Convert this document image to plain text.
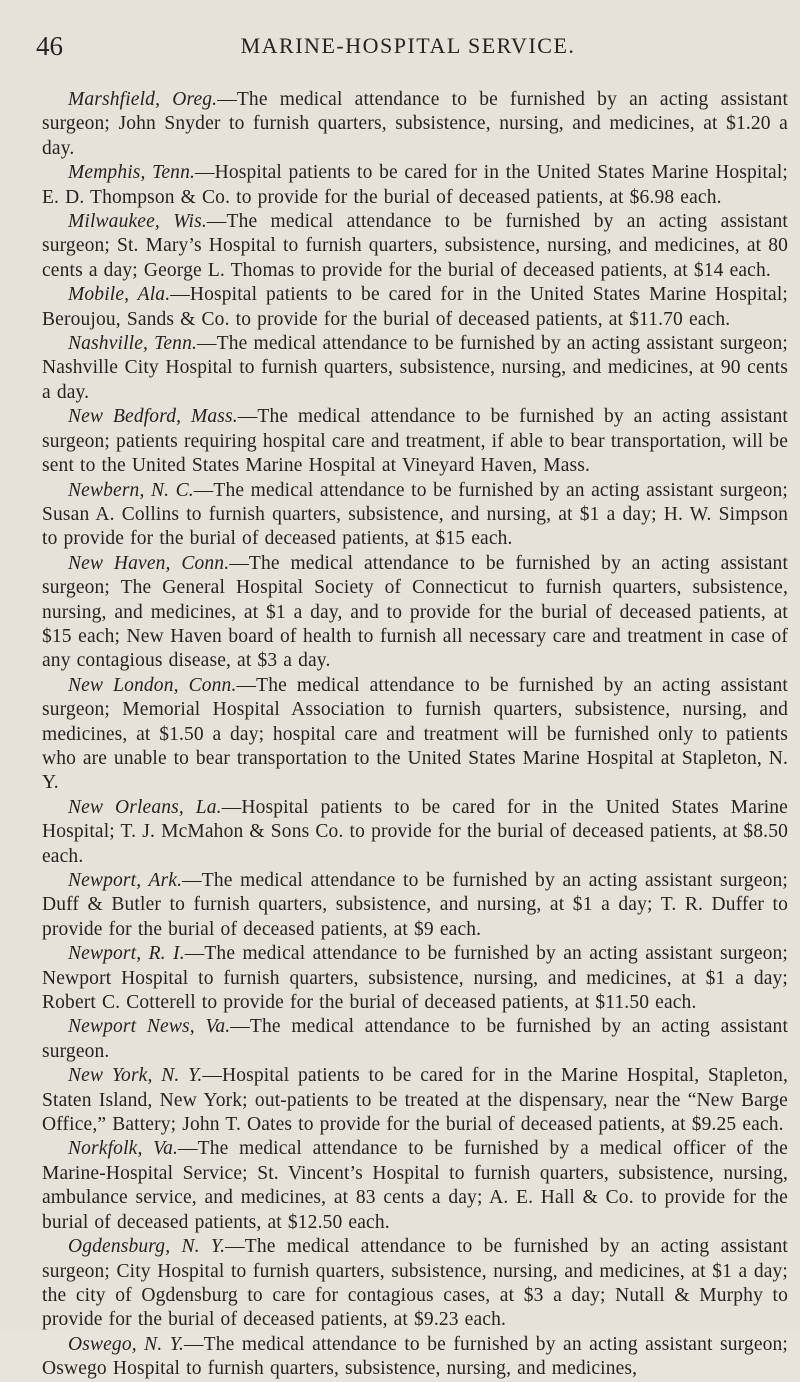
46	MARINE-HOSPITAL SERVICE.

Marshfield, Oreg.—The medical attendance to be furnished by an acting assistant surgeon; John Snyder to furnish quarters, subsistence, nursing, and medicines, at $1.20 a day.

Memphis, Tenn.—Hospital patients to be cared for in the United States Marine Hospital; E. D. Thompson & Co. to provide for the burial of deceased patients, at $6.98 each.

Milwaukee, Wis.—The medical attendance to be furnished by an acting assistant surgeon; St. Mary’s Hospital to furnish quarters, subsistence, nursing, and medicines, at 80 cents a day; George L. Thomas to provide for the burial of deceased patients, at $14 each.

Mobile, Ala.—Hospital patients to be cared for in the United States Marine Hospital; Beroujou, Sands & Co. to provide for the burial of deceased patients, at $11.70 each.

Nashville, Tenn.—The medical attendance to be furnished by an acting assistant surgeon; Nashville City Hospital to furnish quarters, subsistence, nursing, and medicines, at 90 cents a day.

New Bedford, Mass.—The medical attendance to be furnished by an acting assistant surgeon; patients requiring hospital care and treatment, if able to bear transportation, will be sent to the United States Marine Hospital at Vineyard Haven, Mass.

Newbern, N. C.—The medical attendance to be furnished by an acting assistant surgeon; Susan A. Collins to furnish quarters, subsistence, and nursing, at $1 a day; H. W. Simpson to provide for the burial of deceased patients, at $15 each.

New Haven, Conn.—The medical attendance to be furnished by an acting assistant surgeon; The General Hospital Society of Connecticut to furnish quarters, subsistence, nursing, and medicines, at $1 a day, and to provide for the burial of deceased patients, at $15 each; New Haven board of health to furnish all necessary care and treatment in case of any contagious disease, at $3 a day.

New London, Conn.—The medical attendance to be furnished by an acting assistant surgeon; Memorial Hospital Association to furnish quarters, subsistence, nursing, and medicines, at $1.50 a day; hospital care and treatment will be furnished only to patients who are unable to bear transportation to the United States Marine Hospital at Stapleton, N. Y.

New Orleans, La.—Hospital patients to be cared for in the United States Marine Hospital; T. J. McMahon & Sons Co. to provide for the burial of deceased patients, at $8.50 each.

Newport, Ark.—The medical attendance to be furnished by an acting assistant surgeon; Duff & Butler to furnish quarters, subsistence, and nursing, at $1 a day; T. R. Duffer to provide for the burial of deceased patients, at $9 each.

Newport, R. I.—The medical attendance to be furnished by an acting assistant surgeon; Newport Hospital to furnish quarters, subsistence, nursing, and medicines, at $1 a day; Robert C. Cotterell to provide for the burial of deceased patients, at $11.50 each.

Newport News, Va.—The medical attendance to be furnished by an acting assistant surgeon.

New York, N. Y.—Hospital patients to be cared for in the Marine Hospital, Stapleton, Staten Island, New York; out-patients to be treated at the dispensary, near the “New Barge Office,” Battery; John T. Oates to provide for the burial of deceased patients, at $9.25 each.

Norkfolk, Va.—The medical attendance to be furnished by a medical officer of the Marine-Hospital Service; St. Vincent’s Hospital to furnish quarters, subsistence, nursing, ambulance service, and medicines, at 83 cents a day; A. E. Hall & Co. to provide for the burial of deceased patients, at $12.50 each.

Ogdensburg, N. Y.—The medical attendance to be furnished by an acting assistant surgeon; City Hospital to furnish quarters, subsistence, nursing, and medicines, at $1 a day; the city of Ogdensburg to care for contagious cases, at $3 a day; Nutall & Murphy to provide for the burial of deceased patients, at $9.23 each.

Oswego, N. Y.—The medical attendance to be furnished by an acting assistant surgeon; Oswego Hospital to furnish quarters, subsistence, nursing, and medicines,
